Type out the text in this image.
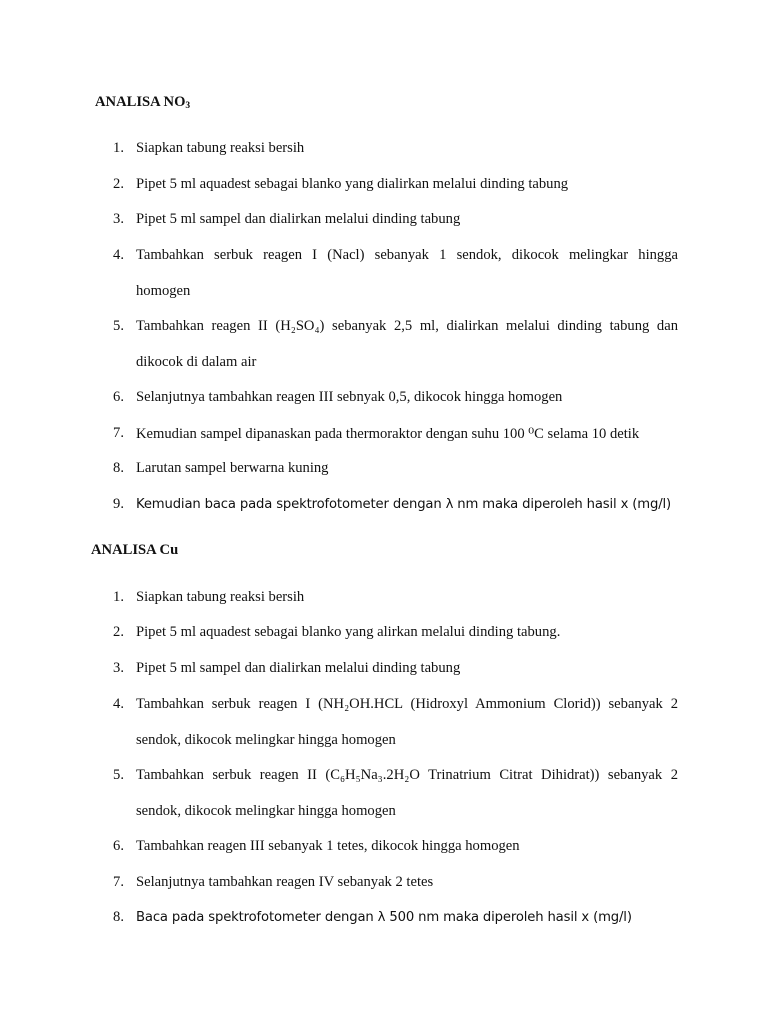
ANALISA $NO_3$
1. Siapkan tabung reaksi bersih
2. Pipet 5 ml aquadest sebagai blanko yang dialirkan melalui dinding tabung
3. Pipet 5 ml sampel dan dialirkan melalui dinding tabung
4. Tambahkan serbuk reagen I (Nacl) sebanyak 1 sendok, dikocok melingkar hingga
homogen
5. Tambahkan reagen II (H₂SO₄) sebanyak 2,5 ml, dialirkan melalui dinding tabung dan
dikocok di dalam air
6. Selanjutnya tambahkan reagen III sebnyak 0,5, dikocok hingga homogen
7. Kemudian sampel dipanaskan pada thermoraktor dengan suhu 100 ⁰C selama 10 detik
8. Larutan sampel berwarna kuning
9. Kemudian baca pada spektrofotometer dengan λ nm maka diperoleh hasil x (mg/l)
ANALISA Cu
1. Siapkan tabung reaksi bersih
2. Pipet 5 ml aquadest sebagai blanko yang alirkan melalui dinding tabung.
3. Pipet 5 ml sampel dan dialirkan melalui dinding tabung
4. Tambahkan serbuk reagen I (NH₂OH.HCL (Hidroxyl Ammonium Clorid)) sebanyak 2
sendok, dikocok melingkar hingga homogen
5. Tambahkan serbuk reagen II (C₆H₅Na₃.2H₂O Trinatrium Citrat Dihidrat)) sebanyak 2
sendok, dikocok melingkar hingga homogen
6. Tambahkan reagen III sebanyak 1 tetes, dikocok hingga homogen
7. Selanjutnya tambahkan reagen IV sebanyak 2 tetes
8. Baca pada spektrofotometer dengan λ 500 nm maka diperoleh hasil x (mg/l)
